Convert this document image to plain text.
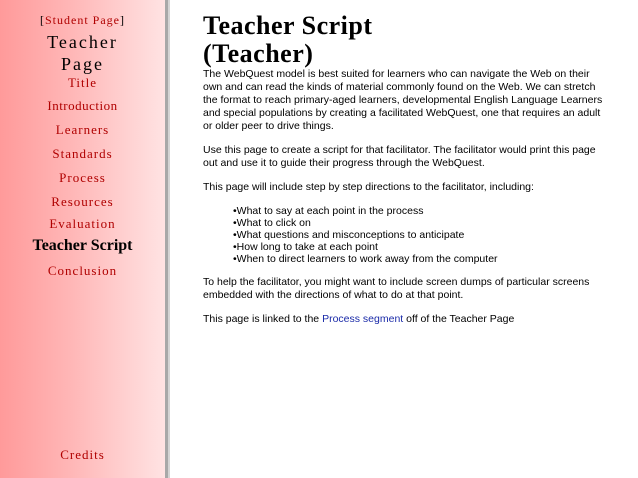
[Student Page]
Teacher
Page
Title
Introduction
Learners
Standards
Process
Resources
Evaluation
Teacher Script
Conclusion
Credits
Teacher Script
(Teacher)

The WebQuest model is best suited for learners who can navigate the Web on their own and can read the kinds of material commonly found on the Web. We can stretch the format to reach primary-aged learners, developmental English Language Learners and special populations by creating a facilitated WebQuest, one that requires an adult or older peer to drive things.

Use this page to create a script for that facilitator. The facilitator would print this page out and use it to guide their progress through the WebQuest.

This page will include step by step directions to the facilitator, including:

•What to say at each point in the process
•What to click on
•What questions and misconceptions to anticipate
•How long to take at each point
•When to direct learners to work away from the computer

To help the facilitator, you might want to include screen dumps of particular screens embedded with the directions of what to do at that point.

This page is linked to the Process segment off of the Teacher Page
